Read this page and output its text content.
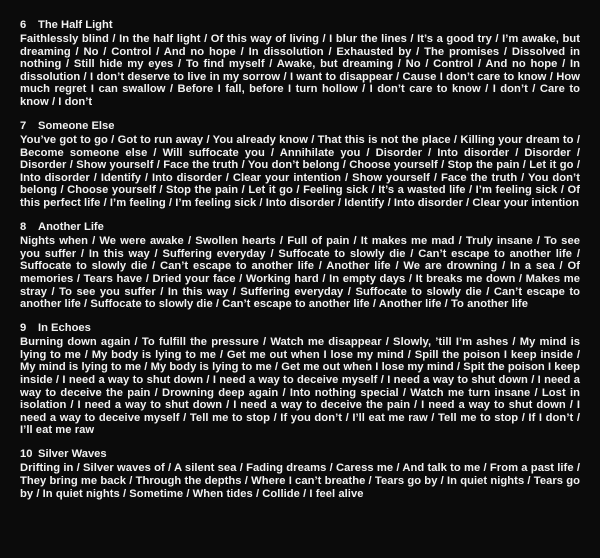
6 The Half Light

Faithlessly blind / In the half light / Of this way of living / I blur the lines / It’s a good try / I’m awake, but dreaming / No / Control / And no hope / In dissolution / Exhausted by / The promises / Dissolved in nothing / Still hide my eyes / To find myself / Awake, but dreaming / No / Control / And no hope / In dissolution / I don’t deserve to live in my sorrow / I want to disappear / Cause I don’t care to know / How much regret I can swallow / Before I fall, before I turn hollow / I don’t care to know / I don’t / Care to know / I don’t

7 Someone Else

You’ve got to go / Got to run away / You already know / That this is not the place / Killing your dream to / Become someone else / Will suffocate you / Annihilate you / Disorder / Into disorder / Disorder / Disorder / Show yourself / Face the truth / You don’t belong / Choose yourself / Stop the pain / Let it go / Into disorder / Identify / Into disorder / Clear your intention / Show yourself / Face the truth / You don’t belong / Choose yourself / Stop the pain / Let it go / Feeling sick / It’s a wasted life / I’m feeling sick / Of this perfect life / I’m feeling / I’m feeling sick / Into disorder / Identify / Into disorder / Clear your intention

8 Another Life

Nights when / We were awake / Swollen hearts / Full of pain / It makes me mad / Truly insane / To see you suffer / In this way / Suffering everyday / Suffocate to slowly die / Can’t escape to another life / Suffocate to slowly die / Can’t escape to another life / Another life / We are drowning / In a sea / Of memories / Tears have / Dried your face / Working hard / In empty days / It breaks me down / Makes me stray / To see you suffer / In this way / Suffering everyday / Suffocate to slowly die / Can’t escape to another life / Suffocate to slowly die / Can’t escape to another life / Another life / To another life

9 In Echoes

Burning down again / To fulfill the pressure / Watch me disappear / Slowly, ’till I’m ashes / My mind is lying to me / My body is lying to me / Get me out when I lose my mind / Spill the poison I keep inside / My mind is lying to me / My body is lying to me / Get me out when I lose my mind / Spit the poison I keep inside / I need a way to shut down / I need a way to deceive myself / I need a way to shut down / I need a way to deceive the pain / Drowning deep again / Into nothing special / Watch me turn insane / Lost in isolation / I need a way to shut down / I need a way to deceive the pain / I need a way to shut down / I need a way to deceive myself / Tell me to stop / If you don’t / I’ll eat me raw / Tell me to stop / If I don’t / I’ll eat me raw

10 Silver Waves

Drifting in / Silver waves of / A silent sea / Fading dreams / Caress me / And talk to me / From a past life / They bring me back / Through the depths / Where I can’t breathe / Tears go by / In quiet nights / Tears go by / In quiet nights / Sometime / When tides / Collide / I feel alive
